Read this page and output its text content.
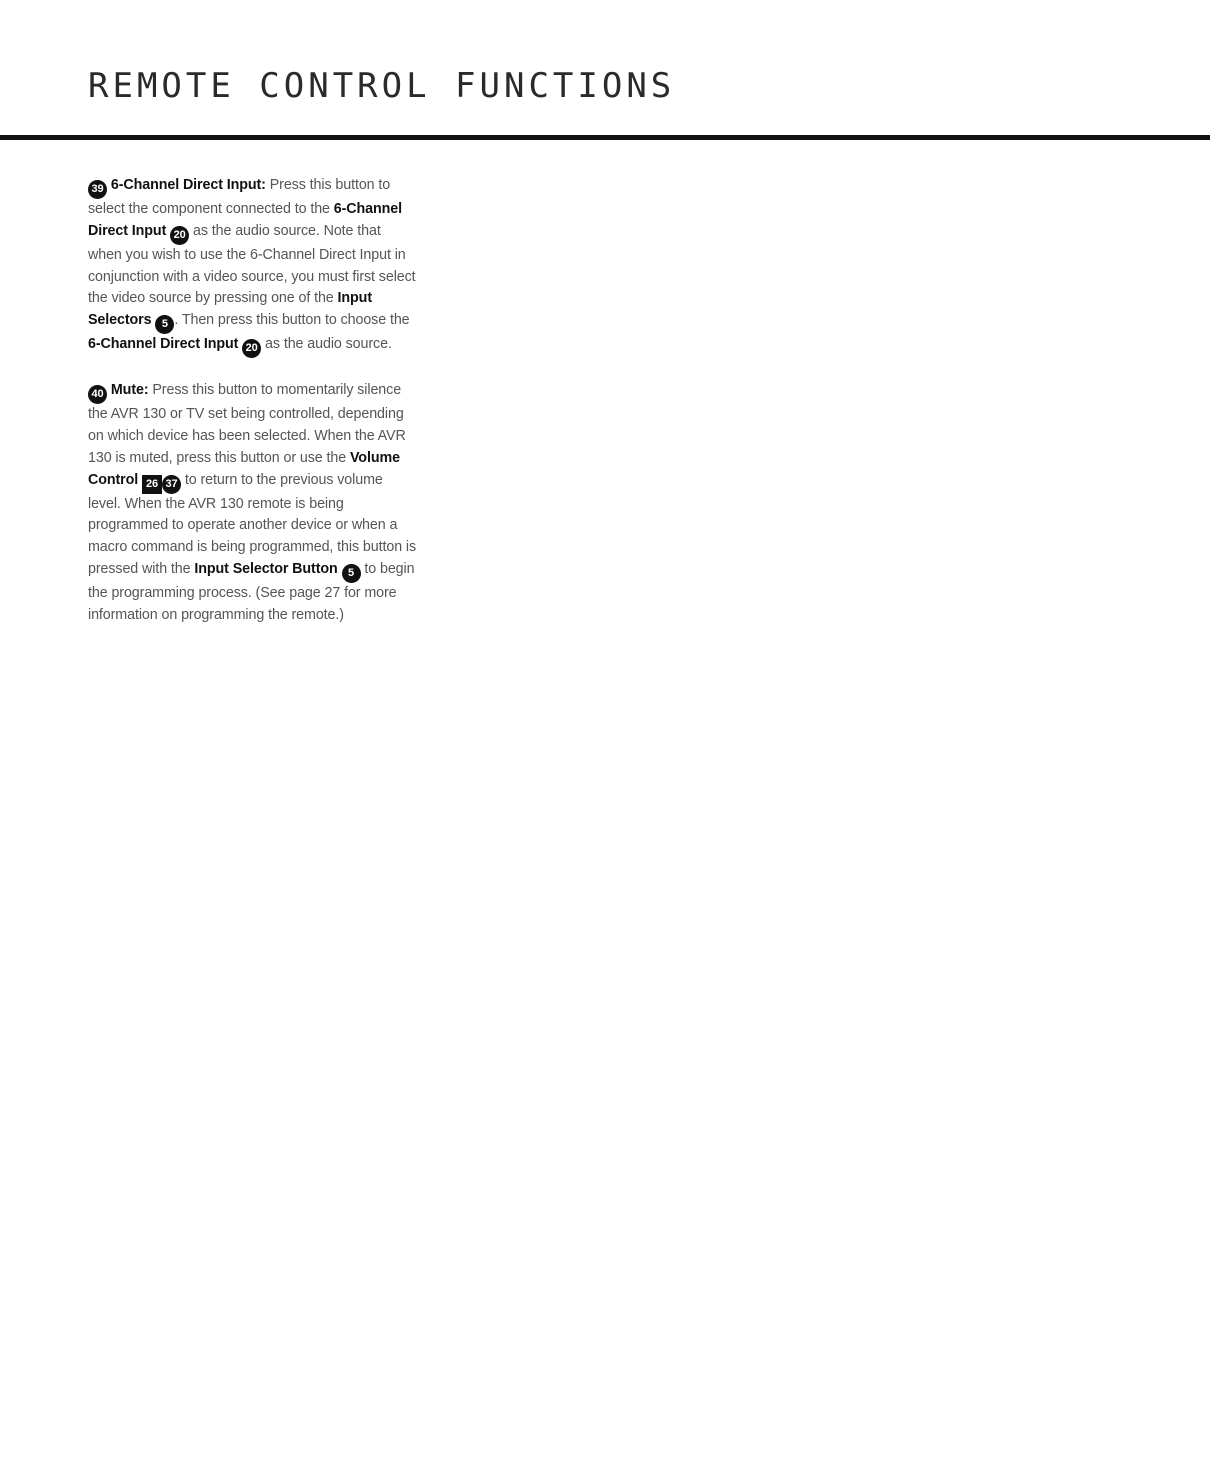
REMOTE CONTROL FUNCTIONS

39 6-Channel Direct Input: Press this button to select the component connected to the 6-Channel Direct Input 20 as the audio source. Note that when you wish to use the 6-Channel Direct Input in conjunction with a video source, you must first select the video source by pressing one of the Input Selectors 5 . Then press this button to choose the 6-Channel Direct Input 20 as the audio source.

40 Mute: Press this button to momentarily silence the AVR 130 or TV set being controlled, depending on which device has been selected. When the AVR 130 is muted, press this button or use the Volume Control 26 37 to return to the previous volume level. When the AVR 130 remote is being programmed to operate another device or when a macro command is being programmed, this button is pressed with the Input Selector Button 5 to begin the programming process. (See page 27 for more information on programming the remote.)
